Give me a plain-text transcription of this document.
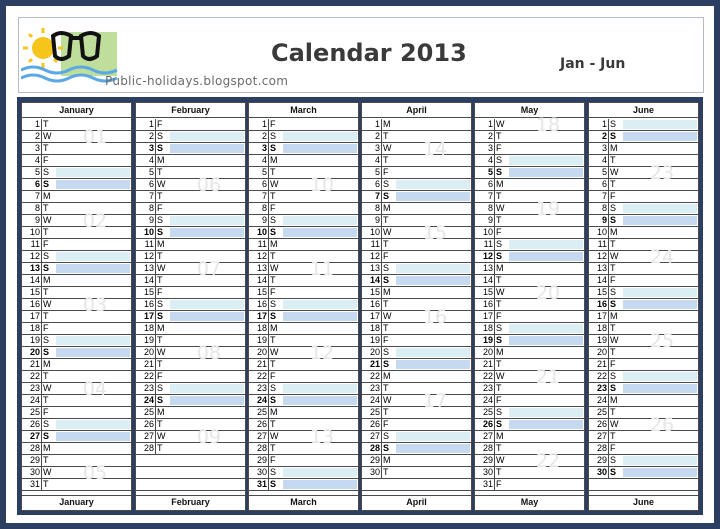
Public-holidays.blogspot.com
Calendar 2013	Jan - Jun
January
1 T
2 W
3 T
4 F
5 S
6 S
7 M
8 T
9 W
10 T
11 F
12 S
13 S
14 M
15 T
16 W
17 T
18 F
19 S
20 S
21 M
22 T
23 W
24 T
25 F
26 S
27 S
28 M
29 T
30 W
31 T
01
02
03
04
05
January
February
1 F
2 S
3 S
4 M
5 T
6 W
7 T
8 F
9 S
10 S
11 M
12 T
13 W
14 T
15 F
16 S
17 S
18 M
19 T
20 W
21 T
22 F
23 S
24 S
25 M
26 T
27 W
28 T
06
07
08
09
February
March
1 F
2 S
3 S
4 M
5 T
6 W
7 T
8 F
9 S
10 S
11 M
12 T
13 W
14 T
15 F
16 S
17 S
18 M
19 T
20 W
21 T
22 F
23 S
24 S
25 M
26 T
27 W
28 T
29 F
30 S
31 S
10
11
12
13
March
April
1 M
2 T
3 W
4 T
5 F
6 S
7 S
8 M
9 T
10 W
11 T
12 F
13 S
14 S
15 M
16 T
17 W
18 T
19 F
20 S
21 S
22 M
23 T
24 W
25 T
26 F
27 S
28 S
29 M
30 T
14
15
16
17
April
May
1 W
2 T
3 F
4 S
5 S
6 M
7 T
8 W
9 T
10 F
11 S
12 S
13 M
14 T
15 W
16 T
17 F
18 S
19 S
20 M
21 T
22 W
23 T
24 F
25 S
26 S
27 M
28 T
29 W
30 T
31 F
18
19
20
21
22
May
June
1 S
2 S
3 M
4 T
5 W
6 T
7 F
8 S
9 S
10 M
11 T
12 W
13 T
14 F
15 S
16 S
17 M
18 T
19 W
20 T
21 F
22 S
23 S
24 M
25 T
26 W
27 T
28 F
29 S
30 S
23
24
25
26
June
